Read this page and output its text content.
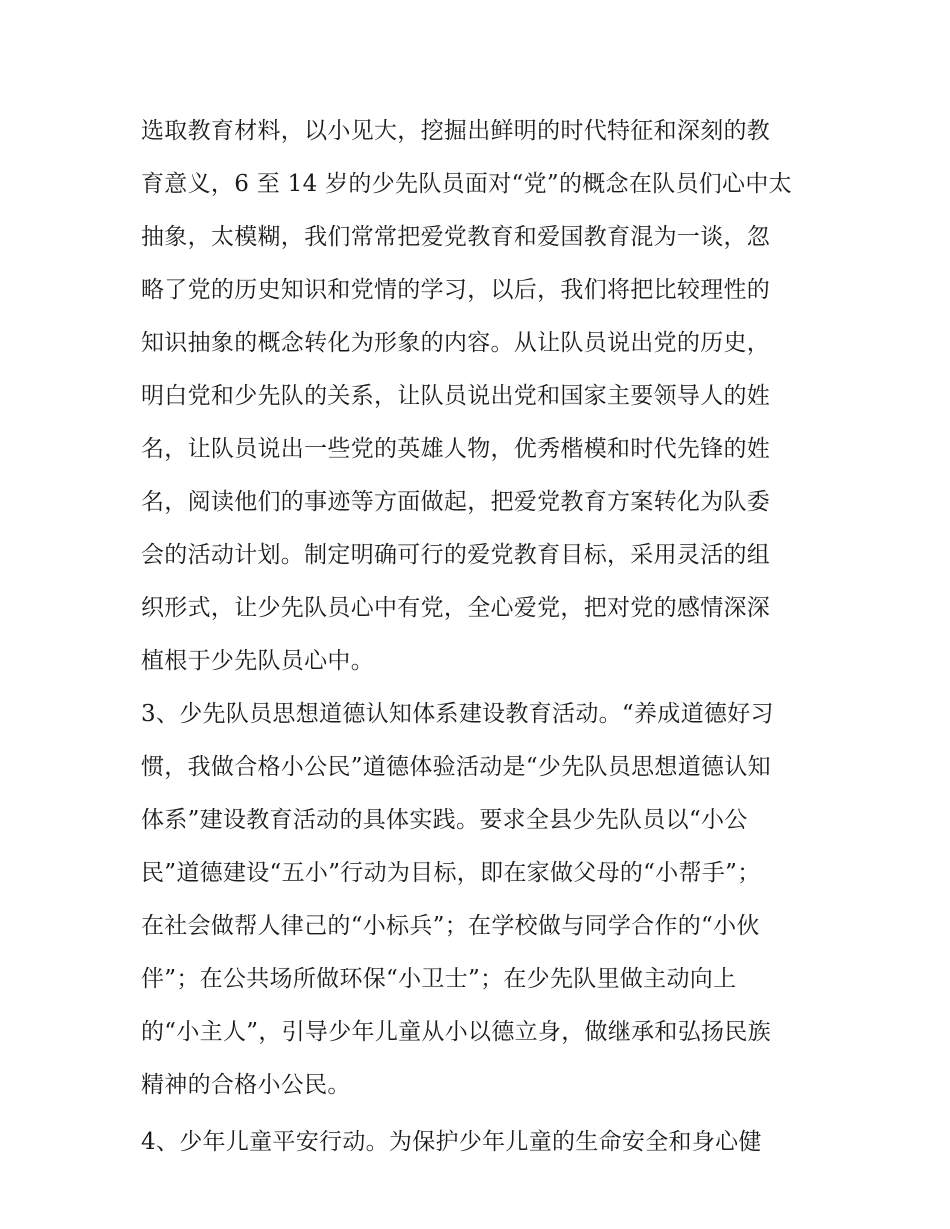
选取教育材料，以小见大，挖掘出鲜明的时代特征和深刻的教
育意义，6 至 14 岁的少先队员面对“党”的概念在队员们心中太
抽象，太模糊，我们常常把爱党教育和爱国教育混为一谈，忽
略了党的历史知识和党情的学习，以后，我们将把比较理性的
知识抽象的概念转化为形象的内容。从让队员说出党的历史，
明白党和少先队的关系，让队员说出党和国家主要领导人的姓
名，让队员说出一些党的英雄人物，优秀楷模和时代先锋的姓
名，阅读他们的事迹等方面做起，把爱党教育方案转化为队委
会的活动计划。制定明确可行的爱党教育目标，采用灵活的组
织形式，让少先队员心中有党，全心爱党，把对党的感情深深
植根于少先队员心中。
3、少先队员思想道德认知体系建设教育活动。“养成道德好习
惯，我做合格小公民”道德体验活动是“少先队员思想道德认知
体系”建设教育活动的具体实践。要求全县少先队员以“小公
民”道德建设“五小”行动为目标，即在家做父母的“小帮手”；
在社会做帮人律己的“小标兵”；在学校做与同学合作的“小伙
伴”；在公共场所做环保“小卫士”；在少先队里做主动向上
的“小主人”，引导少年儿童从小以德立身，做继承和弘扬民族
精神的合格小公民。
4、少年儿童平安行动。为保护少年儿童的生命安全和身心健
